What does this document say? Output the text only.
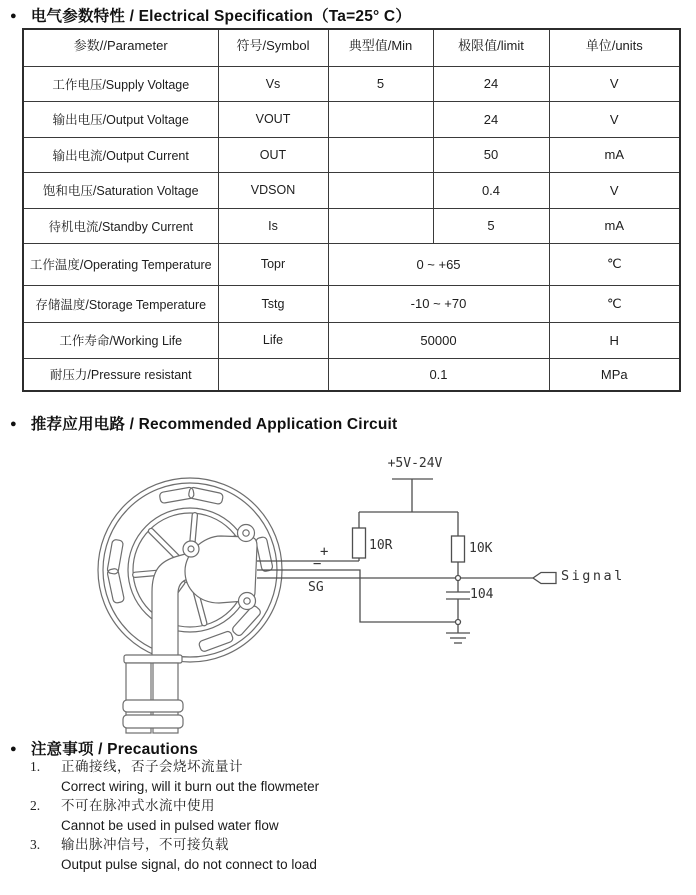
● 电气参数特性 / Electrical Specification（Ta=25° C）
参数//Parameter	符号/Symbol	典型值/Min	极限值/limit	单位/units
工作电压/Supply Voltage	Vs	5	24	V
输出电压/Output Voltage	VOUT		24	V
输出电流/Output Current	OUT		50	mA
饱和电压/Saturation Voltage	VDSON		0.4	V
待机电流/Standby Current	Is		5	mA
工作温度/Operating Temperature	Topr	0 ~ +65		℃
存储温度/Storage Temperature	Tstg	-10 ~ +70		℃
工作寿命/Working Life	Life	50000		H
耐压力/Pressure resistant		0.1		MPa
● 推荐应用电路 / Recommended Application Circuit
+5V-24V
10R	10K
104
+
−
SG
Signal
● 注意事项 / Precautions
1.	正确接线，否子会烧坏流量计
Correct wiring, will it burn out the flowmeter
2.	不可在脉冲式水流中使用
Cannot be used in pulsed water flow
3.	输出脉冲信号，不可接负载
Output pulse signal, do not connect to load
